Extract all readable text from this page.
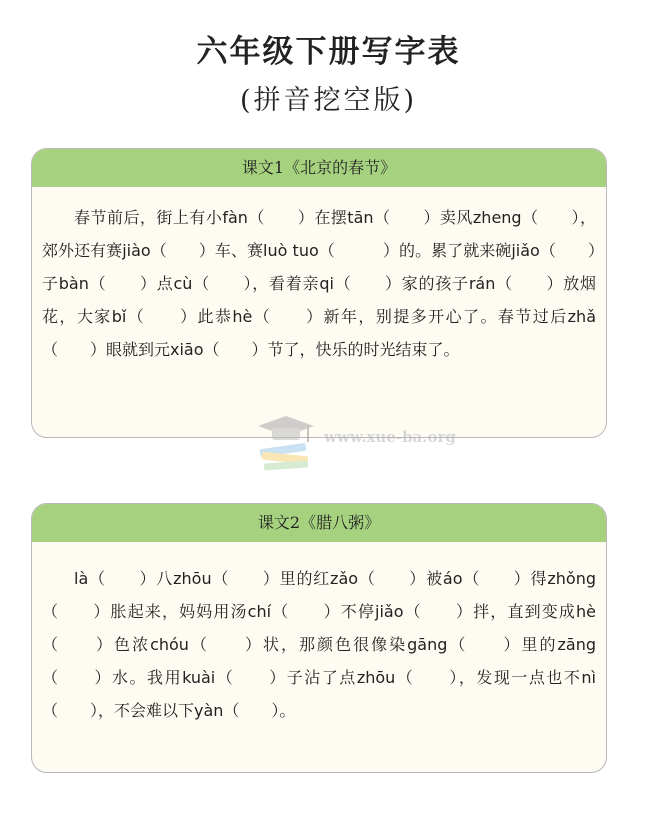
六年级下册写字表
(拼音挖空版)
课文1《北京的春节》
春节前后，街上有小fàn（　　）在摆tān（　　）卖风zheng（　　），郊外还有赛jiào（　　）车、赛luò tuo（　　　）的。累了就来碗jiǎo（　　）子bàn（　　）点cù（　　），看着亲qi（　　）家的孩子rán（　　）放烟花，大家bǐ（　　）此恭hè（　　）新年，别提多开心了。春节过后zhǎ（　　）眼就到元xiāo（　　）节了，快乐的时光结束了。
www.xue-ba.org
课文2《腊八粥》
là（　　）八zhōu（　　）里的红zǎo（　　）被áo（　　）得zhǒng（　　）胀起来，妈妈用汤chí（　　）不停jiǎo（　　）拌，直到变成hè（　　）色浓chóu（　　）状，那颜色很像染gāng（　　）里的zāng（　　）水。我用kuài（　　）子沾了点zhōu（　　），发现一点也不nì（　　），不会难以下yàn（　　）。
